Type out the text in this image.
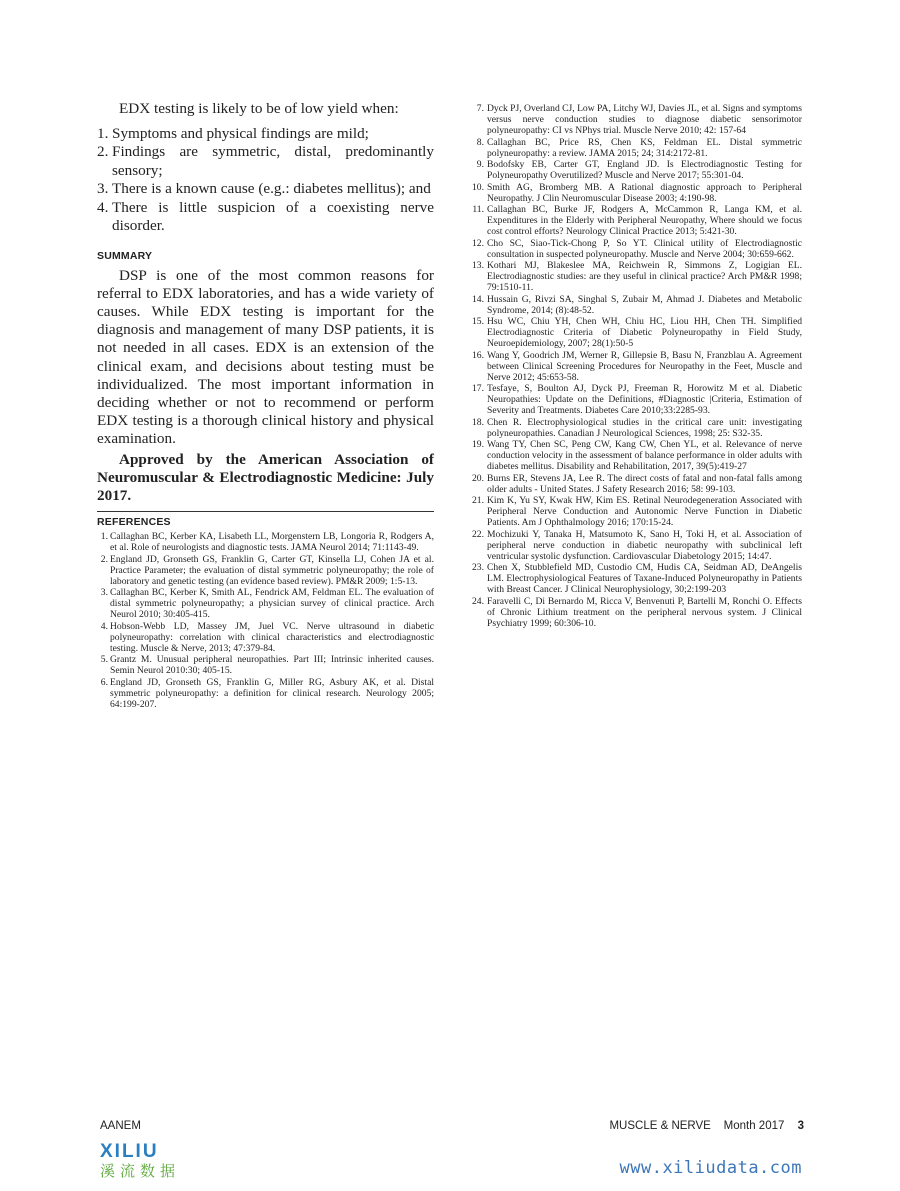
EDX testing is likely to be of low yield when:

1. Symptoms and physical findings are mild;
2. Findings are symmetric, distal, predominantly sensory;
3. There is a known cause (e.g.: diabetes mellitus); and
4. There is little suspicion of a coexisting nerve disorder.
SUMMARY

DSP is one of the most common reasons for referral to EDX laboratories, and has a wide variety of causes. While EDX testing is important for the diagnosis and management of many DSP patients, it is not needed in all cases. EDX is an extension of the clinical exam, and decisions about testing must be individualized. The most important information in deciding whether or not to recommend or perform EDX testing is a thorough clinical history and physical examination.

Approved by the American Association of Neuromuscular & Electrodiagnostic Medicine: July 2017.

REFERENCES
1. Callaghan BC, Kerber KA, Lisabeth LL, Morgenstern LB, Longoria R, Rodgers A, et al. Role of neurologists and diagnostic tests. JAMA Neurol 2014; 71:1143-49.
2. England JD, Gronseth GS, Franklin G, Carter GT, Kinsella LJ, Cohen JA et al. Practice Parameter; the evaluation of distal symmetric polyneuropathy; the role of laboratory and genetic testing (an evidence based review). PM&R 2009; 1:5-13.
3. Callaghan BC, Kerber K, Smith AL, Fendrick AM, Feldman EL. The evaluation of distal symmetric polyneuropathy; a physician survey of clinical practice. Arch Neurol 2010; 30:405-415.
4. Hobson-Webb LD, Massey JM, Juel VC. Nerve ultrasound in diabetic polyneuropathy: correlation with clinical characteristics and electrodiagnostic testing. Muscle & Nerve, 2013; 47:379-84.
5. Grantz M. Unusual peripheral neuropathies. Part III; Intrinsic inherited causes. Semin Neurol 2010:30; 405-15.
6. England JD, Gronseth GS, Franklin G, Miller RG, Asbury AK, et al. Distal symmetric polyneuropathy: a definition for clinical research. Neurology 2005; 64:199-207.
7. Dyck PJ, Overland CJ, Low PA, Litchy WJ, Davies JL, et al. Signs and symptoms versus nerve conduction studies to diagnose diabetic sensorimotor polyneuropathy: CI vs NPhys trial. Muscle Nerve 2010; 42: 157-64
8. Callaghan BC, Price RS, Chen KS, Feldman EL. Distal symmetric polyneuropathy: a review. JAMA 2015; 24; 314:2172-81.
9. Bodofsky EB, Carter GT, England JD. Is Electrodiagnostic Testing for Polyneuropathy Overutilized? Muscle and Nerve 2017; 55:301-04.
10. Smith AG, Bromberg MB. A Rational diagnostic approach to Peripheral Neuropathy. J Clin Neuromuscular Disease 2003; 4:190-98.
11. Callaghan BC, Burke JF, Rodgers A, McCammon R, Langa KM, et al. Expenditures in the Elderly with Peripheral Neuropathy, Where should we focus cost control efforts? Neurology Clinical Practice 2013; 5:421-30.
12. Cho SC, Siao-Tick-Chong P, So YT. Clinical utility of Electrodiagnostic consultation in suspected polyneuropathy. Muscle and Nerve 2004; 30:659-662.
13. Kothari MJ, Blakeslee MA, Reichwein R, Simmons Z, Logigian EL. Electrodiagnostic studies: are they useful in clinical practice? Arch PM&R 1998; 79:1510-11.
14. Hussain G, Rivzi SA, Singhal S, Zubair M, Ahmad J. Diabetes and Metabolic Syndrome, 2014; (8):48-52.
15. Hsu WC, Chiu YH, Chen WH, Chiu HC, Liou HH, Chen TH. Simplified Electrodiagnostic Criteria of Diabetic Polyneuropathy in Field Study, Neuroepidemiology, 2007; 28(1):50-5
16. Wang Y, Goodrich JM, Werner R, Gillepsie B, Basu N, Franzblau A. Agreement between Clinical Screening Procedures for Neuropathy in the Feet, Muscle and Nerve 2012; 45:653-58.
17. Tesfaye, S, Boulton AJ, Dyck PJ, Freeman R, Horowitz M et al. Diabetic Neuropathies: Update on the Definitions, #Diagnostic |Criteria, Estimation of Severity and Treatments. Diabetes Care 2010;33:2285-93.
18. Chen R. Electrophysiological studies in the critical care unit: investigating polyneuropathies. Canadian J Neurological Sciences, 1998; 25: S32-35.
19. Wang TY, Chen SC, Peng CW, Kang CW, Chen YL, et al. Relevance of nerve conduction velocity in the assessment of balance performance in older adults with diabetes mellitus. Disability and Rehabilitation, 2017, 39(5):419-27
20. Burns ER, Stevens JA, Lee R. The direct costs of fatal and non-fatal falls among older adults - United States. J Safety Research 2016; 58: 99-103.
21. Kim K, Yu SY, Kwak HW, Kim ES. Retinal Neurodegeneration Associated with Peripheral Nerve Conduction and Autonomic Nerve Function in Diabetic Patients. Am J Ophthalmology 2016; 170:15-24.
22. Mochizuki Y, Tanaka H, Matsumoto K, Sano H, Toki H, et al. Association of peripheral nerve conduction in diabetic neuropathy with subclinical left ventricular systolic dysfunction. Cardiovascular Diabetology 2015; 14:47.
23. Chen X, Stubblefield MD, Custodio CM, Hudis CA, Seidman AD, DeAngelis LM. Electrophysiological Features of Taxane-Induced Polyneuropathy in Patients with Breast Cancer. J Clinical Neurophysiology, 30;2:199-203
24. Faravelli C, Di Bernardo M, Ricca V, Benvenuti P, Bartelli M, Ronchi O. Effects of Chronic Lithium treatment on the peripheral nervous system. J Clinical Psychiatry 1999; 60:306-10.
AANEM	MUSCLE & NERVE Month 2017 3
XILIU
溪流数据	www.xiliudata.com
